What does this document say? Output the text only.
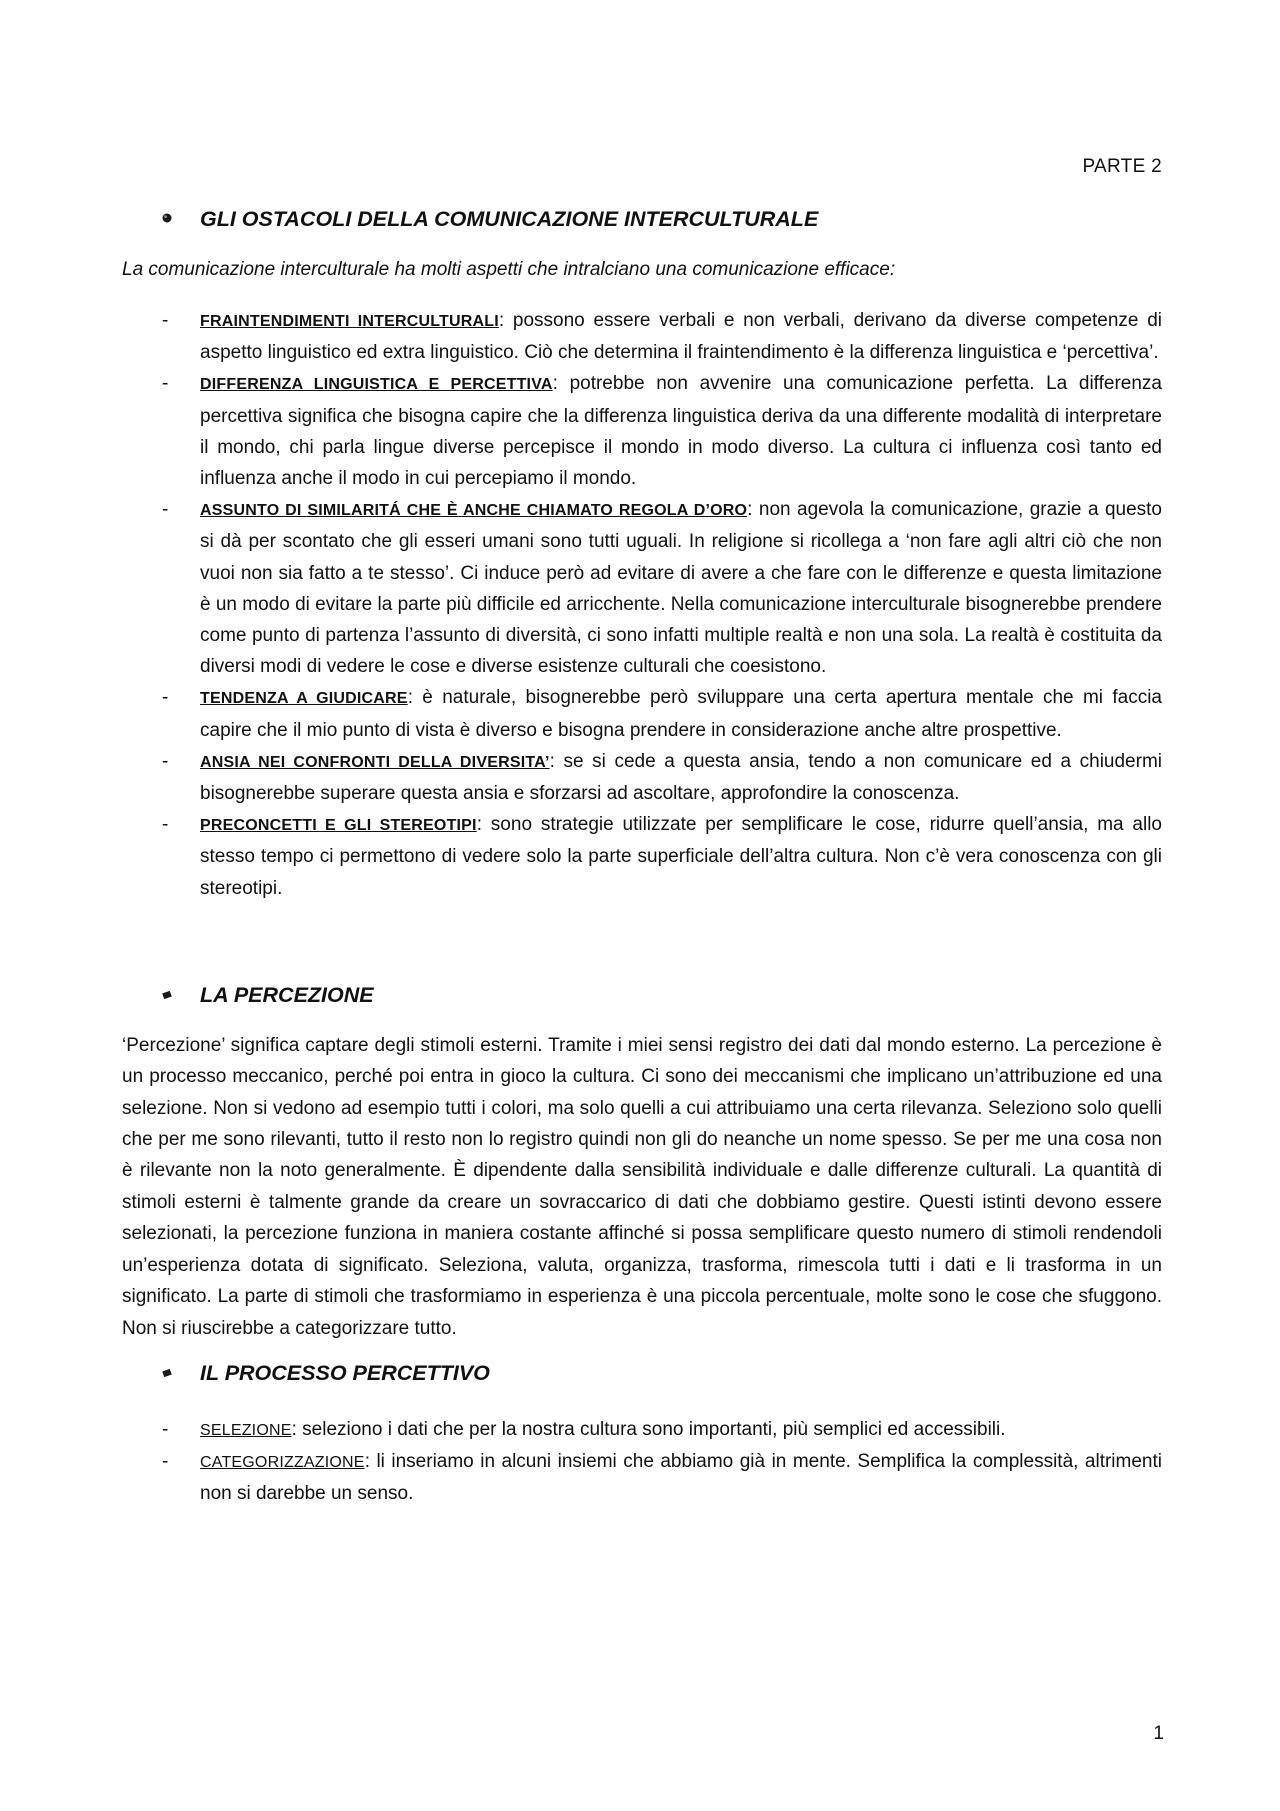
PARTE 2
GLI OSTACOLI DELLA COMUNICAZIONE INTERCULTURALE
La comunicazione interculturale ha molti aspetti che intralciano una comunicazione efficace:
- FRAINTENDIMENTI INTERCULTURALI: possono essere verbali e non verbali, derivano da diverse competenze di aspetto linguistico ed extra linguistico. Ciò che determina il fraintendimento è la differenza linguistica e ‘percettiva’.
- DIFFERENZA LINGUISTICA E PERCETTIVA: potrebbe non avvenire una comunicazione perfetta. La differenza percettiva significa che bisogna capire che la differenza linguistica deriva da una differente modalità di interpretare il mondo, chi parla lingue diverse percepisce il mondo in modo diverso. La cultura ci influenza così tanto ed influenza anche il modo in cui percepiamo il mondo.
- ASSUNTO DI SIMILARITÁ CHE È ANCHE CHIAMATO REGOLA D’ORO: non agevola la comunicazione, grazie a questo si dà per scontato che gli esseri umani sono tutti uguali. In religione si ricollega a ‘non fare agli altri ciò che non vuoi non sia fatto a te stesso’. Ci induce però ad evitare di avere a che fare con le differenze e questa limitazione è un modo di evitare la parte più difficile ed arricchente. Nella comunicazione interculturale bisognerebbe prendere come punto di partenza l’assunto di diversità, ci sono infatti multiple realtà e non una sola. La realtà è costituita da diversi modi di vedere le cose e diverse esistenze culturali che coesistono.
- TENDENZA A GIUDICARE: è naturale, bisognerebbe però sviluppare una certa apertura mentale che mi faccia capire che il mio punto di vista è diverso e bisogna prendere in considerazione anche altre prospettive.
- ANSIA NEI CONFRONTI DELLA DIVERSITA’: se si cede a questa ansia, tendo a non comunicare ed a chiudermi bisognerebbe superare questa ansia e sforzarsi ad ascoltare, approfondire la conoscenza.
- PRECONCETTI E GLI STEREOTIPI: sono strategie utilizzate per semplificare le cose, ridurre quell’ansia, ma allo stesso tempo ci permettono di vedere solo la parte superficiale dell’altra cultura. Non c’è vera conoscenza con gli stereotipi.
LA PERCEZIONE
‘Percezione’ significa captare degli stimoli esterni. Tramite i miei sensi registro dei dati dal mondo esterno. La percezione è un processo meccanico, perché poi entra in gioco la cultura. Ci sono dei meccanismi che implicano un’attribuzione ed una selezione. Non si vedono ad esempio tutti i colori, ma solo quelli a cui attribuiamo una certa rilevanza. Seleziono solo quelli che per me sono rilevanti, tutto il resto non lo registro quindi non gli do neanche un nome spesso. Se per me una cosa non è rilevante non la noto generalmente. È dipendente dalla sensibilità individuale e dalle differenze culturali. La quantità di stimoli esterni è talmente grande da creare un sovraccarico di dati che dobbiamo gestire. Questi istinti devono essere selezionati, la percezione funziona in maniera costante affinché si possa semplificare questo numero di stimoli rendendoli un’esperienza dotata di significato. Seleziona, valuta, organizza, trasforma, rimescola tutti i dati e li trasforma in un significato. La parte di stimoli che trasformiamo in esperienza è una piccola percentuale, molte sono le cose che sfuggono. Non si riuscirebbe a categorizzare tutto.
IL PROCESSO PERCETTIVO
- SELEZIONE: seleziono i dati che per la nostra cultura sono importanti, più semplici ed accessibili.
- CATEGORIZZAZIONE: li inseriamo in alcuni insiemi che abbiamo già in mente. Semplifica la complessità, altrimenti non si darebbe un senso.
1
